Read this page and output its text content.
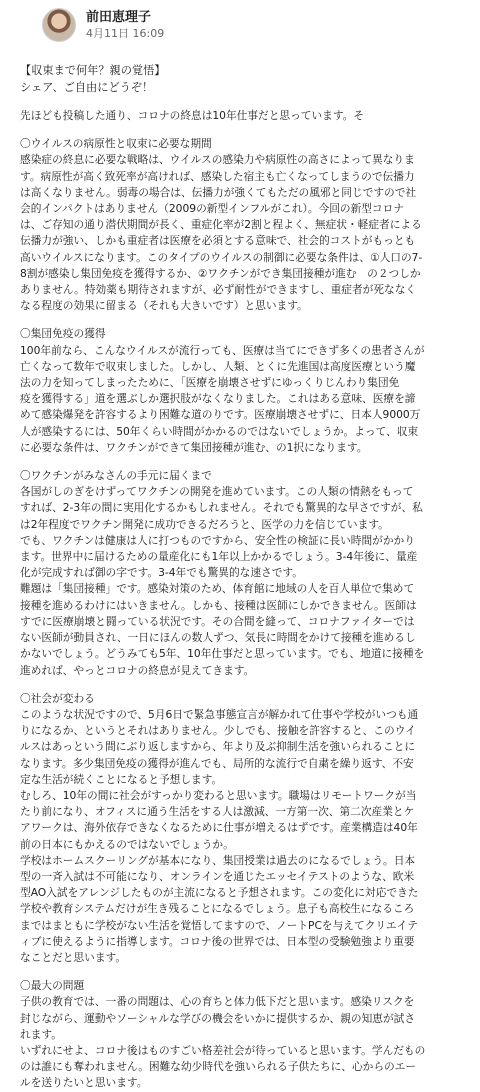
前田恵理子
4月11日 16:09
【収束まで何年？親の覚悟】
シェア、ご自由にどうぞ！
先ほども投稿した通り、コロナの終息は10年仕事だと思っています。そ
〇ウイルスの病原性と収束に必要な期間
感染症の終息に必要な戦略は、ウイルスの感染力や病原性の高さによって異なりま
す。病原性が高く致死率が高ければ、感染した宿主も亡くなってしまうので伝播力
は高くなりません。弱毒の場合は、伝播力が強くてもただの風邪と同じですので社
会的インパクトはありません（2009の新型インフルがこれ）。今回の新型コロナ
は、ご存知の通り潜伏期間が長く、重症化率が2割と程よく、無症状・軽症者による
伝播力が強い、しかも重症者は医療を必須とする意味で、社会的コストがもっとも
高いウイルスになります。このタイプのウイルスの制御に必要な条件は、①人口の7-
8割が感染し集団免疫を獲得するか、②ワクチンができ集団接種が進む　の２つしか
ありません。特効薬も期待されますが、必ず耐性ができますし、重症者が死ななく
なる程度の効果に留まる（それも大きいです）と思います。
〇集団免疫の獲得
100年前なら、こんなウイルスが流行っても、医療は当てにできず多くの患者さんが
亡くなって数年で収束しました。しかし、人類、とくに先進国は高度医療という魔
法の力を知ってしまったために、「医療を崩壊させずにゆっくりじんわり集団免
疫を獲得する」道を選ぶしか選択肢がなくなりました。これはある意味、医療を諦
めて感染爆発を許容するより困難な道のりです。医療崩壊させずに、日本人9000万
人が感染するには、50年くらい時間がかかるのではないでしょうか。よって、収束
に必要な条件は、ワクチンができて集団接種が進む、の1択になります。
〇ワクチンがみなさんの手元に届くまで
各国がしのぎをけずってワクチンの開発を進めています。この人類の情熱をもって
すれば、2-3年の間に実用化するかもしれません。それでも驚異的な早さですが、私
は2年程度でワクチン開発に成功できるだろうと、医学の力を信じています。
でも、ワクチンは健康は人に打つものですから、安全性の検証に長い時間がかかり
ます。世界中に届けるための量産化にも1年以上かかるでしょう。3-4年後に、量産
化が完成すれば御の字です。3-4年でも驚異的な速さです。
難題は「集団接種」です。感染対策のため、体育館に地域の人を百人単位で集めて
接種を進めるわけにはいきません。しかも、接種は医師にしかできません。医師は
すでに医療崩壊と闘っている状況です。その合間を縫って、コロナファイターでは
ない医師が動員され、一日にほんの数人ずつ、気長に時間をかけて接種を進めるし
かないでしょう。どうみても5年、10年仕事だと思っています。でも、地道に接種を
進めれば、やっとコロナの終息が見えてきます。
〇社会が変わる
このような状況ですので、5月6日で緊急事態宣言が解かれて仕事や学校がいつも通
りになるか、というとそれはありません。少しでも、接触を許容すると、このウイ
ルスはあっという間にぶり返しますから、年より及ぶ抑制生活を強いられることに
なります。多少集団免疫の獲得が進んでも、局所的な流行で自粛を繰り返す、不安
定な生活が続くことになると予想します。
むしろ、10年の間に社会がすっかり変わると思います。職場はリモートワークが当
たり前になり、オフィスに通う生活をする人は激減、一方第一次、第二次産業とケ
アワークは、海外依存できなくなるために仕事が増えるはずです。産業構造は40年
前の日本にもかえるのではないでしょうか。
学校はホームスクーリングが基本になり、集団授業は過去のになるでしょう。日本
型の一斉入試は不可能になり、オンラインを通じたエッセイテストのような、欧米
型AO入試をアレンジしたものが主流になると予想されます。この変化に対応できた
学校や教育システムだけが生き残ることになるでしょう。息子も高校生になるころ
まではまともに学校がない生活を覚悟してますので、ノートPCを与えてクリエイテ
ィブに使えるように指導します。コロナ後の世界では、日本型の受験勉強より重要
なことだと思います。
〇最大の問題
子供の教育では、一番の問題は、心の育ちと体力低下だと思います。感染リスクを
封じながら、運動やソーシャルな学びの機会をいかに提供するか、親の知恵が試さ
れます。
いずれにせよ、コロナ後はものすごい格差社会が待っていると思います。学んだもの
のは誰にも奪われません。困難な幼少時代を強いられる子供たちに、心からのエー
ルを送りたいと思います。
